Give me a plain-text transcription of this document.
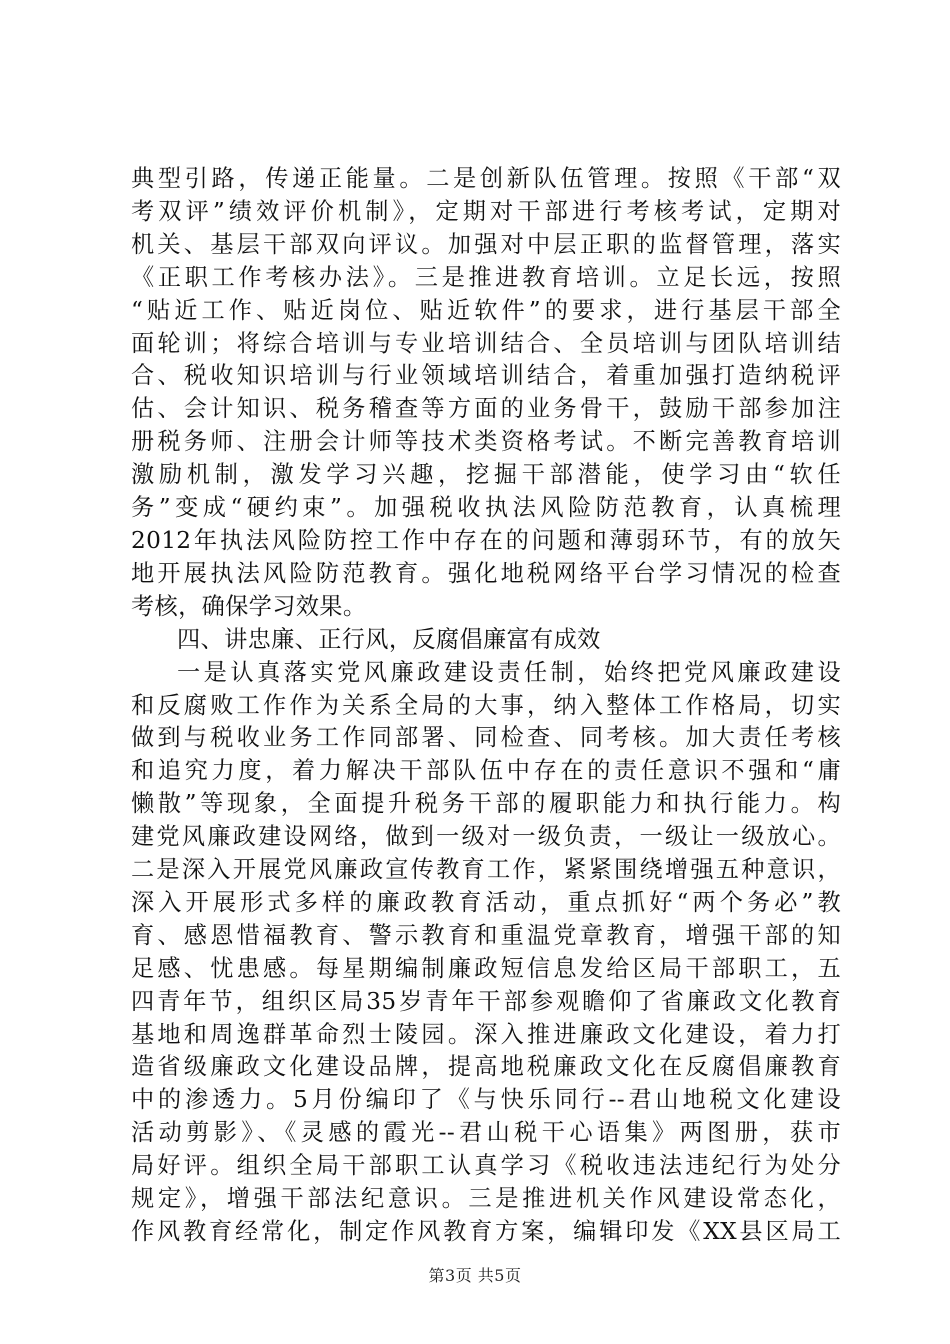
典型引路，传递正能量。二是创新队伍管理。按照《干部“双
考双评”绩效评价机制》，定期对干部进行考核考试，定期对
机关、基层干部双向评议。加强对中层正职的监督管理，落实
《正职工作考核办法》。三是推进教育培训。立足长远，按照
“贴近工作、贴近岗位、贴近软件”的要求，进行基层干部全
面轮训；将综合培训与专业培训结合、全员培训与团队培训结
合、税收知识培训与行业领域培训结合，着重加强打造纳税评
估、会计知识、税务稽查等方面的业务骨干，鼓励干部参加注
册税务师、注册会计师等技术类资格考试。不断完善教育培训
激励机制，激发学习兴趣，挖掘干部潜能，使学习由“软任
务”变成“硬约束”。加强税收执法风险防范教育，认真梳理
2012年执法风险防控工作中存在的问题和薄弱环节，有的放矢
地开展执法风险防范教育。强化地税网络平台学习情况的检查
考核，确保学习效果。
四、讲忠廉、正行风，反腐倡廉富有成效
一是认真落实党风廉政建设责任制，始终把党风廉政建设
和反腐败工作作为关系全局的大事，纳入整体工作格局，切实
做到与税收业务工作同部署、同检查、同考核。加大责任考核
和追究力度，着力解决干部队伍中存在的责任意识不强和“庸
懒散”等现象，全面提升税务干部的履职能力和执行能力。构
建党风廉政建设网络，做到一级对一级负责，一级让一级放心。
二是深入开展党风廉政宣传教育工作，紧紧围绕增强五种意识，
深入开展形式多样的廉政教育活动，重点抓好“两个务必”教
育、感恩惜福教育、警示教育和重温党章教育，增强干部的知
足感、忧患感。每星期编制廉政短信息发给区局干部职工，五
四青年节，组织区局35岁青年干部参观瞻仰了省廉政文化教育
基地和周逸群革命烈士陵园。深入推进廉政文化建设，着力打
造省级廉政文化建设品牌，提高地税廉政文化在反腐倡廉教育
中的渗透力。5月份编印了《与快乐同行--君山地税文化建设
活动剪影》、《灵感的霞光--君山税干心语集》两图册，获市
局好评。组织全局干部职工认真学习《税收违法违纪行为处分
规定》，增强干部法纪意识。三是推进机关作风建设常态化，
作风教育经常化，制定作风教育方案，编辑印发《XX县区局工
第3页 共5页
